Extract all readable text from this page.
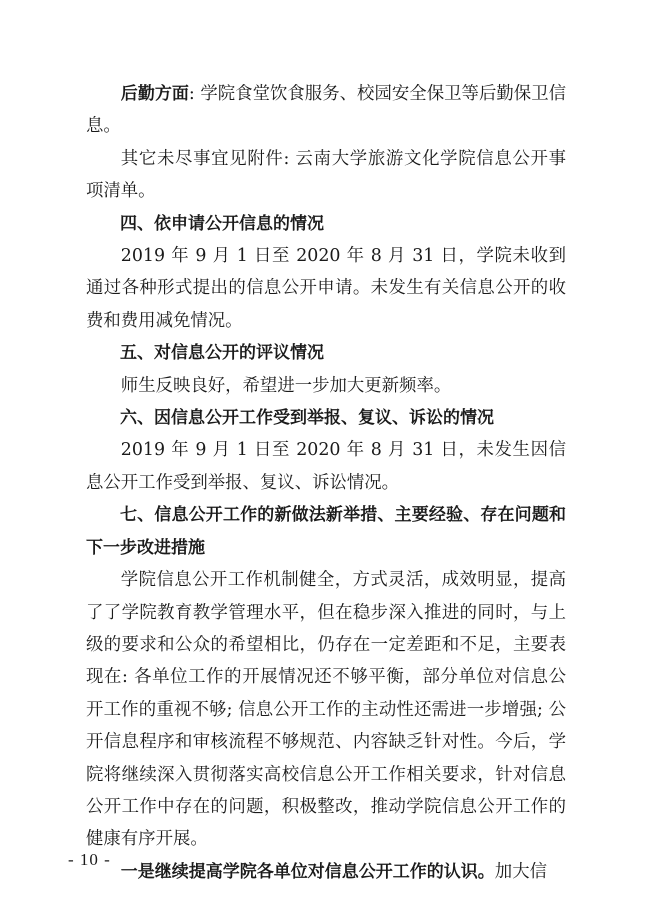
后勤方面: 学院食堂饮食服务、校园安全保卫等后勤保卫信息。

其它未尽事宜见附件: 云南大学旅游文化学院信息公开事项清单。

四、依申请公开信息的情况

2019 年 9 月 1 日至 2020 年 8 月 31 日，学院未收到通过各种形式提出的信息公开申请。未发生有关信息公开的收费和费用减免情况。

五、对信息公开的评议情况

师生反映良好，希望进一步加大更新频率。

六、因信息公开工作受到举报、复议、诉讼的情况

2019 年 9 月 1 日至 2020 年 8 月 31 日，未发生因信息公开工作受到举报、复议、诉讼情况。

七、信息公开工作的新做法新举措、主要经验、存在问题和下一步改进措施

学院信息公开工作机制健全，方式灵活，成效明显，提高了了学院教育教学管理水平，但在稳步深入推进的同时，与上级的要求和公众的希望相比，仍存在一定差距和不足，主要表现在: 各单位工作的开展情况还不够平衡，部分单位对信息公开工作的重视不够; 信息公开工作的主动性还需进一步增强; 公开信息程序和审核流程不够规范、内容缺乏针对性。今后，学院将继续深入贯彻落实高校信息公开工作相关要求，针对信息公开工作中存在的问题，积极整改，推动学院信息公开工作的健康有序开展。

一是继续提高学院各单位对信息公开工作的认识。加大信

- 10 -
